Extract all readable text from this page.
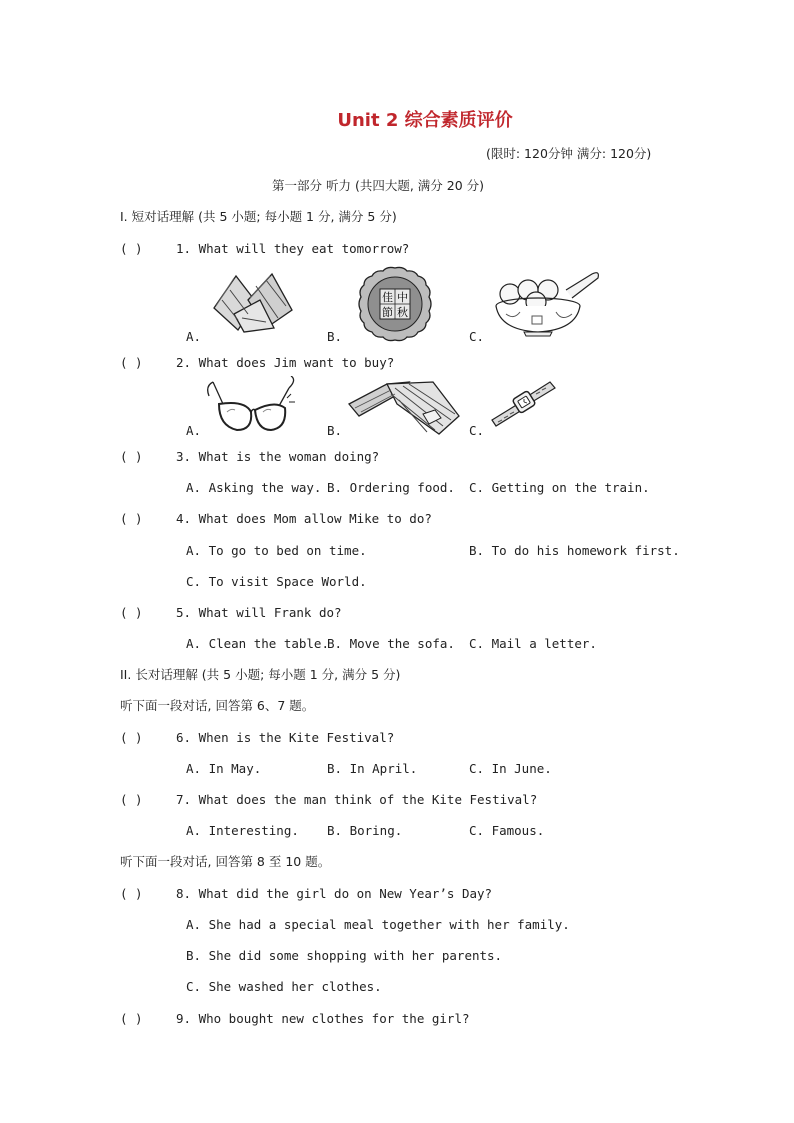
Unit 2 综合素质评价
(限时: 120分钟 满分: 120分)
第一部分 听力 (共四大题, 满分 20 分)
I. 短对话理解 (共 5 小题; 每小题 1 分, 满分 5 分)
( )	1. What will they eat tomorrow?
A.
中
秋
佳
節
B.	C.
( )	2. What does Jim want to buy?
A.	B.	C.
( )	3. What is the woman doing?
A. Asking the way. B. Ordering food. C. Getting on the train.
( )	4. What does Mom allow Mike to do?
A. To go to bed on time.	B. To do his homework first.
C. To visit Space World.
( )	5. What will Frank do?
A. Clean the table.
B. Move the sofa. C. Mail a letter.
II. 长对话理解 (共 5 小题; 每小题 1 分, 满分 5 分)
听下面一段对话, 回答第 6、7 题。
( )	6. When is the Kite Festival?
A. In May.	B. In April.	C. In June.
( )	7. What does the man think of the Kite Festival?
A. Interesting. B. Boring.	C. Famous.
听下面一段对话, 回答第 8 至 10 题。
( )	8. What did the girl do on New Year’s Day?
A. She had a special meal together with her family.
B. She did some shopping with her parents.
C. She washed her clothes.
( )	9. Who bought new clothes for the girl?
